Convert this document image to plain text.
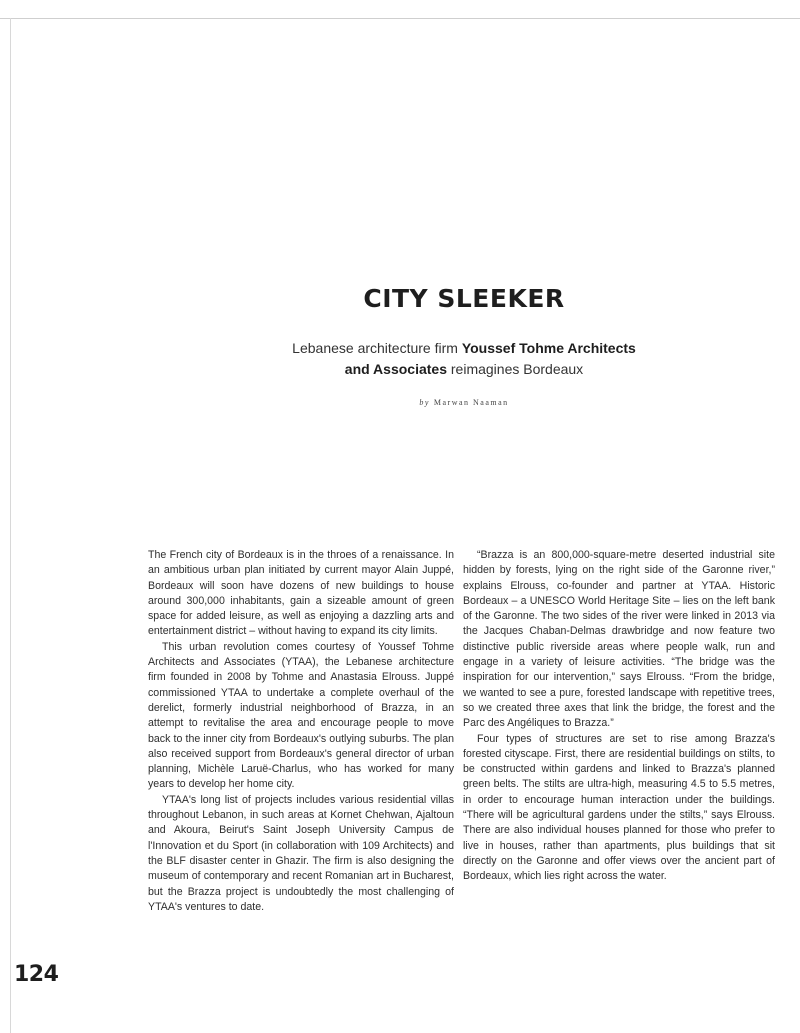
CITY SLEEKER
Lebanese architecture firm Youssef Tohme Architects
and Associates reimagines Bordeaux
by Marwan Naaman

The French city of Bordeaux is in the throes of a renaissance. In an ambitious urban plan initiated by current mayor Alain Juppé, Bordeaux will soon have dozens of new buildings to house around 300,000 inhabitants, gain a sizeable amount of green space for added leisure, as well as enjoying a dazzling arts and entertainment district – without having to expand its city limits.

This urban revolution comes courtesy of Youssef Tohme Architects and Associates (YTAA), the Lebanese architecture firm founded in 2008 by Tohme and Anastasia Elrouss. Juppé commissioned YTAA to undertake a complete overhaul of the derelict, formerly industrial neighborhood of Brazza, in an attempt to revitalise the area and encourage people to move back to the inner city from Bordeaux's outlying suburbs. The plan also received support from Bordeaux's general director of urban planning, Michèle Laruë-Charlus, who has worked for many years to develop her home city.

YTAA's long list of projects includes various residential villas throughout Lebanon, in such areas at Kornet Chehwan, Ajaltoun and Akoura, Beirut's Saint Joseph University Campus de l'Innovation et du Sport (in collaboration with 109 Architects) and the BLF disaster center in Ghazir. The firm is also designing the museum of contemporary and recent Romanian art in Bucharest, but the Brazza project is undoubtedly the most challenging of YTAA's ventures to date.

“Brazza is an 800,000-square-metre deserted industrial site hidden by forests, lying on the right side of the Garonne river,” explains Elrouss, co-founder and partner at YTAA. Historic Bordeaux – a UNESCO World Heritage Site – lies on the left bank of the Garonne. The two sides of the river were linked in 2013 via the Jacques Chaban-Delmas drawbridge and now feature two distinctive public riverside areas where people walk, run and engage in a variety of leisure activities. “The bridge was the inspiration for our intervention,” says Elrouss. “From the bridge, we wanted to see a pure, forested landscape with repetitive trees, so we created three axes that link the bridge, the forest and the Parc des Angéliques to Brazza.”

Four types of structures are set to rise among Brazza's forested cityscape. First, there are residential buildings on stilts, to be constructed within gardens and linked to Brazza's planned green belts. The stilts are ultra-high, measuring 4.5 to 5.5 metres, in order to encourage human interaction under the buildings. “There will be agricultural gardens under the stilts,” says Elrouss. There are also individual houses planned for those who prefer to live in houses, rather than apartments, plus buildings that sit directly on the Garonne and offer views over the ancient part of Bordeaux, which lies right across the water.

124
